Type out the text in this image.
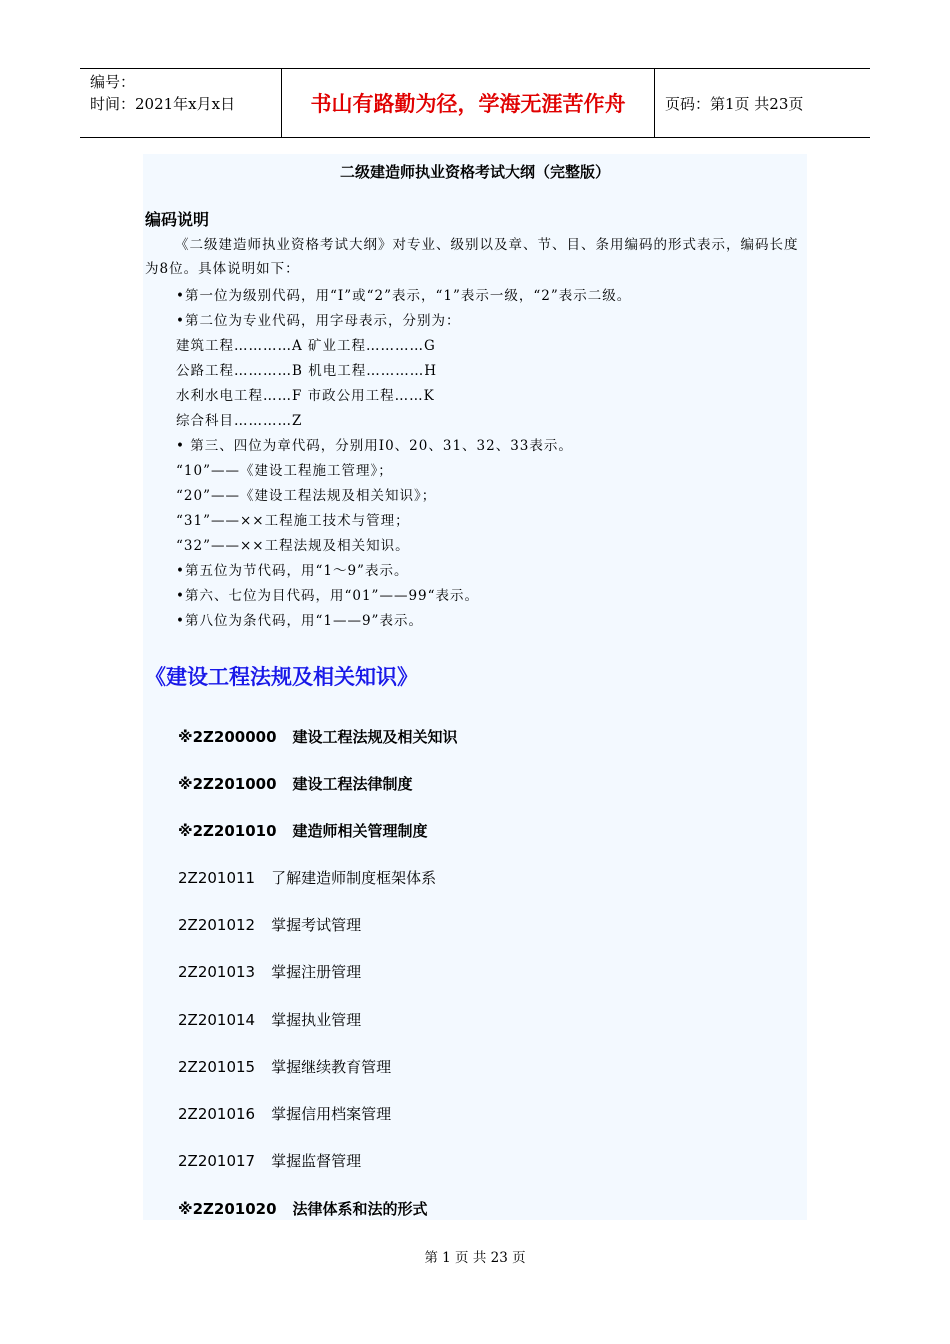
编号：
时间：2021年x月x日	书山有路勤为径，学海无涯苦作舟	页码：第1页 共23页
二级建造师执业资格考试大纲（完整版）
编码说明
《二级建造师执业资格考试大纲》对专业、级别以及章、节、目、条用编码的形式表示，编码长度为8位。具体说明如下：
•第一位为级别代码，用“I”或“2”表示，“1”表示一级，“2”表示二级。
•第二位为专业代码，用字母表示，分别为：
建筑工程…………A 矿业工程…………G
公路工程…………B 机电工程…………H
水利水电工程……F 市政公用工程……K
综合科目…………Z
• 第三、四位为章代码，分别用I0、20、31、32、33表示。
“10”——《建设工程施工管理》；
“20”——《建设工程法规及相关知识》；
“31”——××工程施工技术与管理；
“32”——××工程法规及相关知识。
•第五位为节代码，用“1～9”表示。
•第六、七位为目代码，用“01”——99“表示。
•第八位为条代码，用“1——9”表示。
《建设工程法规及相关知识》
※2Z200000 建设工程法规及相关知识
※2Z201000 建设工程法律制度
※2Z201010 建造师相关管理制度
2Z201011 了解建造师制度框架体系
2Z201012 掌握考试管理
2Z201013 掌握注册管理
2Z201014 掌握执业管理
2Z201015 掌握继续教育管理
2Z201016 掌握信用档案管理
2Z201017 掌握监督管理
※2Z201020 法律体系和法的形式
第 1 页 共 23 页
